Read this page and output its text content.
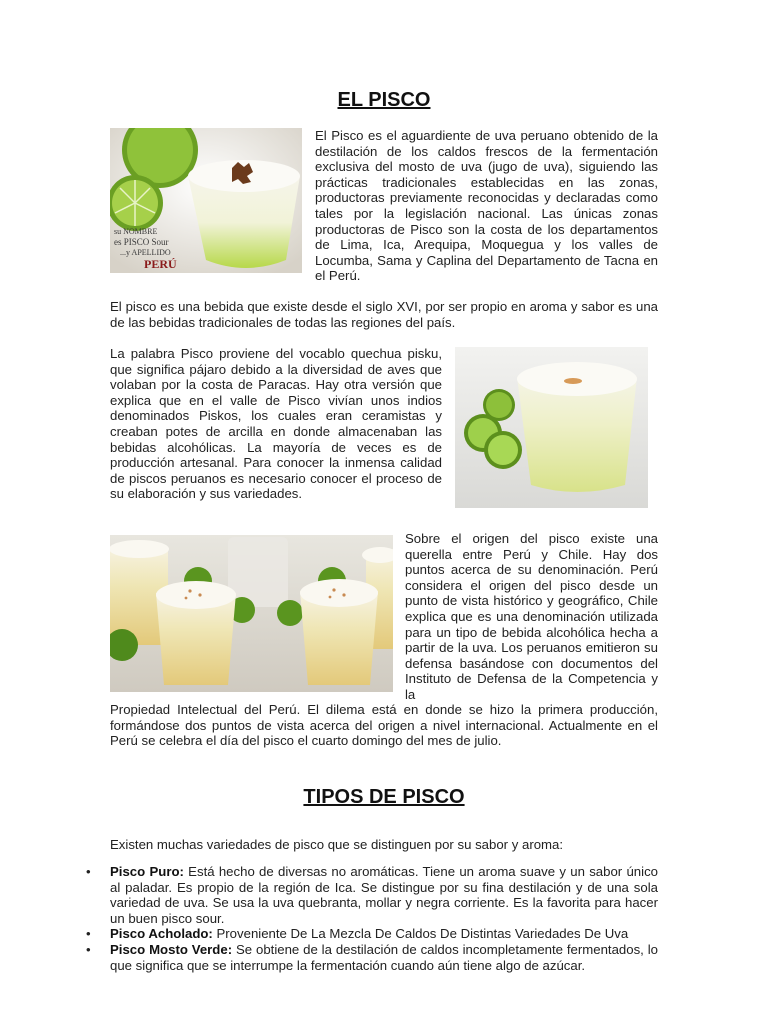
EL PISCO
su NOMBRE
es PISCO Sour
...y APELLIDO
PERÚ

El Pisco es el aguardiente de uva peruano obtenido de la destilación de los caldos frescos de la fermentación exclusiva del mosto de uva (jugo de uva), siguiendo las prácticas tradicionales establecidas en las zonas, productoras previamente reconocidas y declaradas como tales por la legislación nacional. Las únicas zonas productoras de Pisco son la costa de los departamentos de Lima, Ica, Arequipa, Moquegua y los valles de Locumba, Sama y Caplina del Departamento de Tacna en el Perú.

El pisco es una bebida que existe desde el siglo XVI, por ser propio en aroma y sabor es una de las bebidas tradicionales de todas las regiones del país.

La palabra Pisco proviene del vocablo quechua pisku, que significa pájaro debido a la diversidad de aves que volaban por la costa de Paracas. Hay otra versión que explica que en el valle de Pisco vivían unos indios denominados Piskos, los cuales eran ceramistas y creaban potes de arcilla en donde almacenaban las bebidas alcohólicas. La mayoría de veces es de producción artesanal. Para conocer la inmensa calidad de piscos peruanos es necesario conocer el proceso de su elaboración y sus variedades.

Sobre el origen del pisco existe una querella entre Perú y Chile. Hay dos puntos acerca de su denominación. Perú considera el origen del pisco desde un punto de vista histórico y geográfico, Chile explica que es una denominación utilizada para un tipo de bebida alcohólica hecha a partir de la uva. Los peruanos emitieron su defensa basándose con documentos del Instituto de Defensa de la Competencia y la

Propiedad Intelectual del Perú. El dilema está en donde se hizo la primera producción, formándose dos puntos de vista acerca del origen a nivel internacional. Actualmente en el Perú se celebra el día del pisco el cuarto domingo del mes de julio.

TIPOS DE PISCO

Existen muchas variedades de pisco que se distinguen por su sabor y aroma:

• Pisco Puro: Está hecho de diversas no aromáticas. Tiene un aroma suave y un sabor único al paladar. Es propio de la región de Ica. Se distingue por su fina destilación y de una sola variedad de uva. Se usa la uva quebranta, mollar y negra corriente. Es la favorita para hacer un buen pisco sour.
• Pisco Acholado: Proveniente De La Mezcla De Caldos De Distintas Variedades De Uva
• Pisco Mosto Verde: Se obtiene de la destilación de caldos incompletamente fermentados, lo que significa que se interrumpe la fermentación cuando aún tiene algo de azúcar.
